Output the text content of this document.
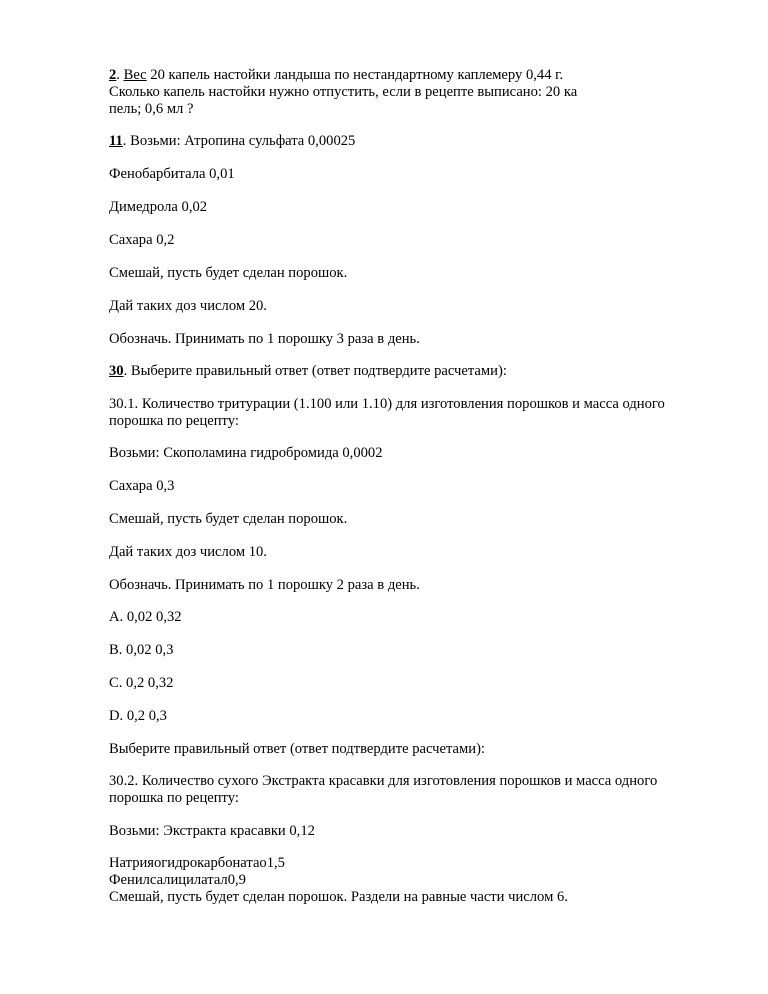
2. Вес 20 капель настойки ландыша по нестандартному каплемеру 0,44 г.
Сколько капель настойки нужно отпустить, если в рецепте выписано: 20 ка
пель; 0,6 мл ?
11. Возьми: Атропина сульфата 0,00025
Фенобарбитала 0,01
Димедрола 0,02
Сахара 0,2
Смешай, пусть будет сделан порошок.
Дай таких доз числом 20.
Обозначь. Принимать по 1 порошку 3 раза в день.
30. Выберите правильный ответ (ответ подтвердите расчетами):
30.1. Количество тритурации (1.100 или 1.10) для изготовления порошков и масса одного
порошка по рецепту:
Возьми: Скополамина гидробромида 0,0002
Сахара 0,3
Смешай, пусть будет сделан порошок.
Дай таких доз числом 10.
Обозначь. Принимать по 1 порошку 2 раза в день.
A. 0,02 0,32
B. 0,02 0,3
C. 0,2 0,32
D. 0,2 0,3
Выберите правильный ответ (ответ подтвердите расчетами):
30.2. Количество сухого Экстракта красавки для изготовления порошков и масса одного
порошка по рецепту:
Возьми: Экстракта красавки 0,12
Натрияогидрокарбонатао1,5
Фенилсалицилатал0,9
Смешай, пусть будет сделан порошок. Раздели на равные части числом 6.
